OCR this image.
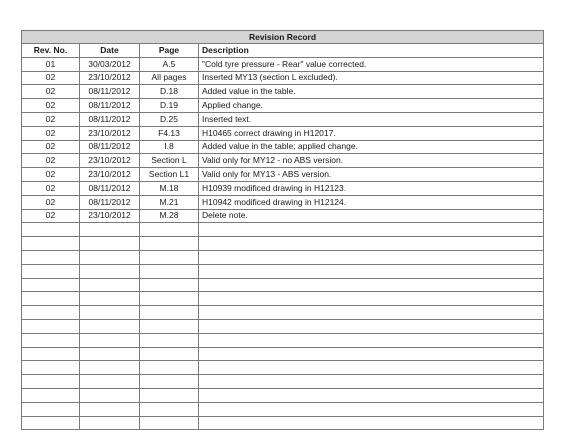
Revision Record			
Rev. No.	Date	Page	Description
01	30/03/2012	A.5	"Cold tyre pressure - Rear" value corrected.
02	23/10/2012	All pages	Inserted MY13 (section L excluded).
02	08/11/2012	D.18	Added value in the table.
02	08/11/2012	D.19	Applied change.
02	08/11/2012	D.25	Inserted text.
02	23/10/2012	F4.13	H10465 correct drawing in H12017.
02	08/11/2012	I.8	Added value in the table; applied change.
02	23/10/2012	Section L	Valid only for MY12 - no ABS version.
02	23/10/2012	Section L1	Valid only for MY13 - ABS version.
02	08/11/2012	M.18	H10939 modificed drawing in H12123.
02	08/11/2012	M.21	H10942 modificed drawing in H12124.
02	23/10/2012	M.28	Delete note.
